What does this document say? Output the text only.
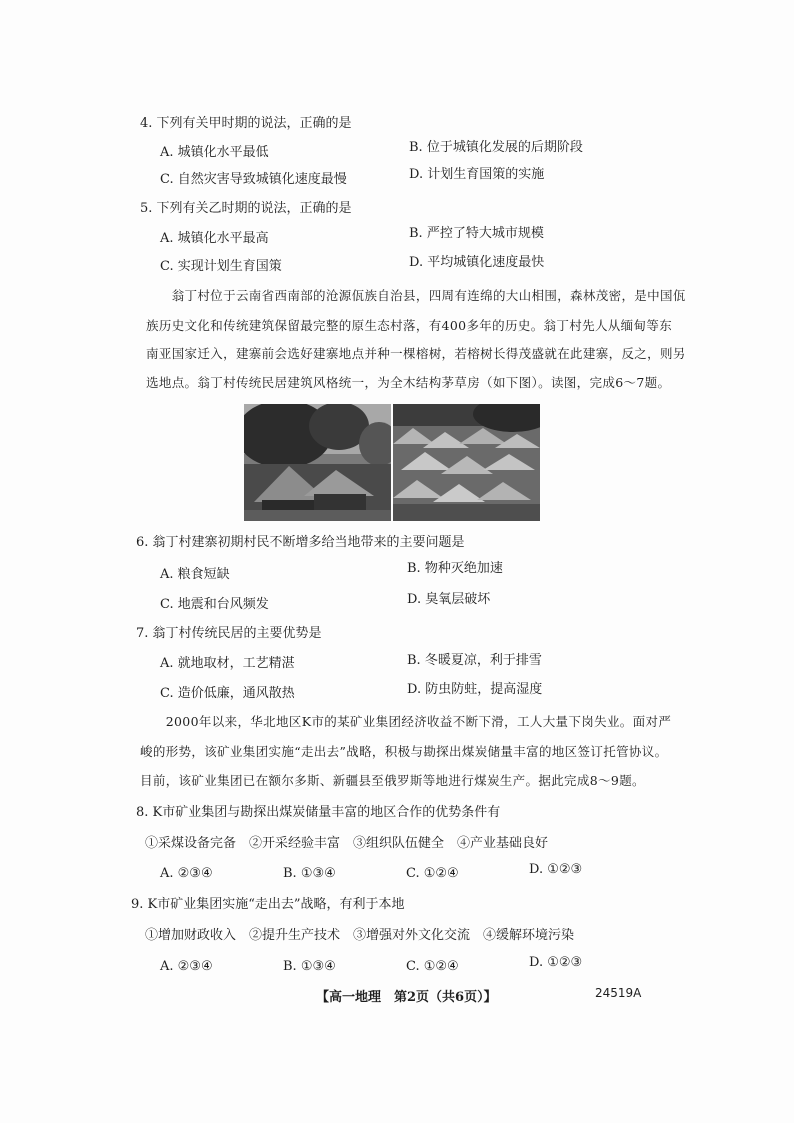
4. 下列有关甲时期的说法，正确的是
A. 城镇化水平最低	B. 位于城镇化发展的后期阶段
C. 自然灾害导致城镇化速度最慢	D. 计划生育国策的实施
5. 下列有关乙时期的说法，正确的是
A. 城镇化水平最高	B. 严控了特大城市规模
C. 实现计划生育国策	D. 平均城镇化速度最快
　　翁丁村位于云南省西南部的沧源佤族自治县，四周有连绵的大山相围，森林茂密，是中国佤
族历史文化和传统建筑保留最完整的原生态村落，有400多年的历史。翁丁村先人从缅甸等东
南亚国家迁入，建寨前会选好建寨地点并种一棵榕树，若榕树长得茂盛就在此建寨，反之，则另
选地点。翁丁村传统民居建筑风格统一，为全木结构茅草房（如下图）。读图，完成6～7题。
6. 翁丁村建寨初期村民不断增多给当地带来的主要问题是
A. 粮食短缺	B. 物种灭绝加速
C. 地震和台风频发	D. 臭氧层破坏
7. 翁丁村传统民居的主要优势是
A. 就地取材，工艺精湛	B. 冬暖夏凉，利于排雪
C. 造价低廉，通风散热	D. 防虫防蛀，提高湿度
　　2000年以来，华北地区K市的某矿业集团经济收益不断下滑，工人大量下岗失业。面对严
峻的形势，该矿业集团实施“走出去”战略，积极与勘探出煤炭储量丰富的地区签订托管协议。
目前，该矿业集团已在额尔多斯、新疆县至俄罗斯等地进行煤炭生产。据此完成8～9题。
8. K市矿业集团与勘探出煤炭储量丰富的地区合作的优势条件有
①采煤设备完备　②开采经验丰富　③组织队伍健全　④产业基础良好
A. ②③④	B. ①③④	C. ①②④	D. ①②③
9. K市矿业集团实施“走出去”战略，有利于本地
①增加财政收入　②提升生产技术　③增强对外文化交流　④缓解环境污染
A. ②③④	B. ①③④	C. ①②④	D. ①②③
【高一地理　第2页（共6页）】	24519A
